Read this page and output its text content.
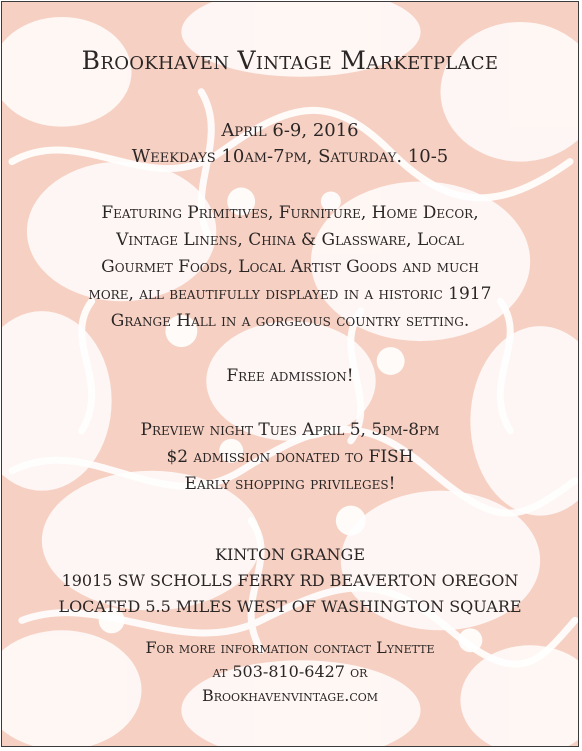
Brookhaven Vintage Marketplace
April 6-9, 2016
Weekdays 10am-7pm, Saturday. 10-5
Featuring Primitives, Furniture, Home Decor,
Vintage Linens, China & Glassware, Local
Gourmet Foods, Local Artist Goods and much
more, all beautifully displayed in a historic 1917
Grange Hall in a gorgeous country setting.
Free admission!
Preview night Tues April 5, 5pm-8pm
$2 admission donated to FISH
Early shopping privileges!
KINTON GRANGE
19015 SW SCHOLLS FERRY RD BEAVERTON OREGON
LOCATED 5.5 MILES WEST OF WASHINGTON SQUARE
For more information contact Lynette
at 503-810-6427 or
Brookhavenvintage.com
